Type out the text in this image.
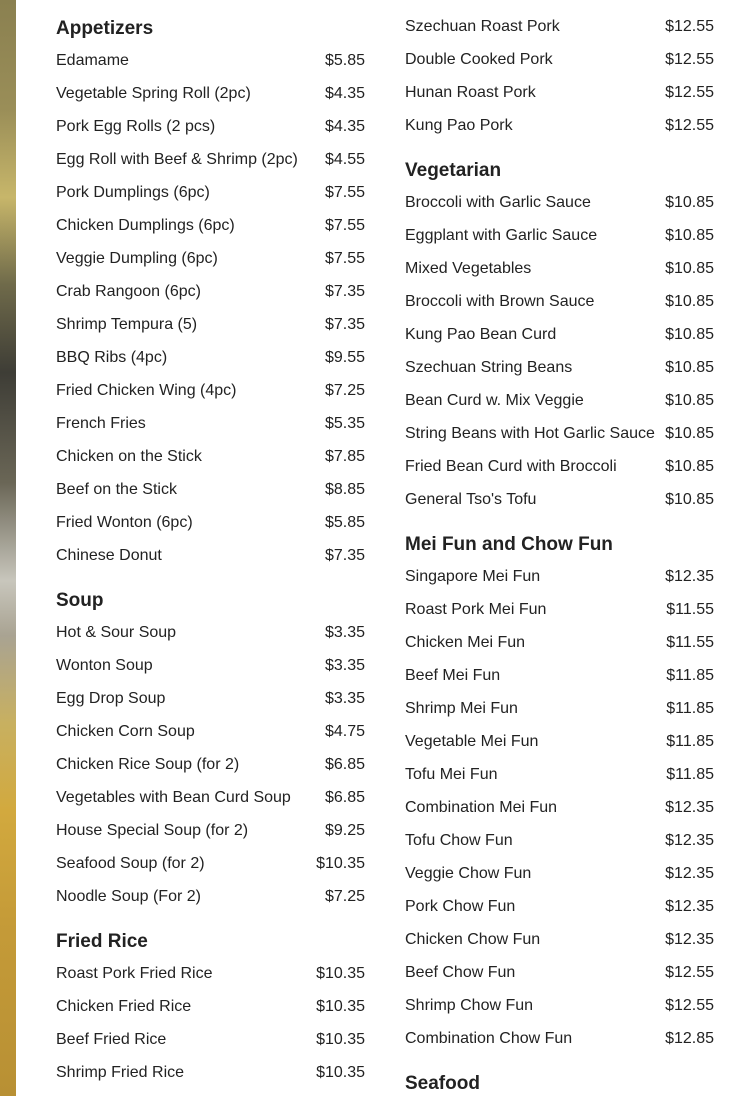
Appetizers
Edamame	$5.85
Vegetable Spring Roll (2pc)	$4.35
Pork Egg Rolls (2 pcs)	$4.35
Egg Roll with Beef & Shrimp (2pc)	$4.55
Pork Dumplings (6pc)	$7.55
Chicken Dumplings (6pc)	$7.55
Veggie Dumpling (6pc)	$7.55
Crab Rangoon (6pc)	$7.35
Shrimp Tempura (5)	$7.35
BBQ Ribs (4pc)	$9.55
Fried Chicken Wing (4pc)	$7.25
French Fries	$5.35
Chicken on the Stick	$7.85
Beef on the Stick	$8.85
Fried Wonton (6pc)	$5.85
Chinese Donut	$7.35
Soup
Hot & Sour Soup	$3.35
Wonton Soup	$3.35
Egg Drop Soup	$3.35
Chicken Corn Soup	$4.75
Chicken Rice Soup (for 2)	$6.85
Vegetables with Bean Curd Soup	$6.85
House Special Soup (for 2)	$9.25
Seafood Soup (for 2)	$10.35
Noodle Soup (For 2)	$7.25
Fried Rice
Roast Pork Fried Rice	$10.35
Chicken Fried Rice	$10.35
Beef Fried Rice	$10.35
Shrimp Fried Rice	$10.35
Szechuan Roast Pork	$12.55
Double Cooked Pork	$12.55
Hunan Roast Pork	$12.55
Kung Pao Pork	$12.55
Vegetarian
Broccoli with Garlic Sauce	$10.85
Eggplant with Garlic Sauce	$10.85
Mixed Vegetables	$10.85
Broccoli with Brown Sauce	$10.85
Kung Pao Bean Curd	$10.85
Szechuan String Beans	$10.85
Bean Curd w. Mix Veggie	$10.85
String Beans with Hot Garlic Sauce $10.85
Fried Bean Curd with Broccoli	$10.85
General Tso's Tofu	$10.85
Mei Fun and Chow Fun
Singapore Mei Fun	$12.35
Roast Pork Mei Fun	$11.55
Chicken Mei Fun	$11.55
Beef Mei Fun	$11.85
Shrimp Mei Fun	$11.85
Vegetable Mei Fun	$11.85
Tofu Mei Fun	$11.85
Combination Mei Fun	$12.35
Tofu Chow Fun	$12.35
Veggie Chow Fun	$12.35
Pork Chow Fun	$12.35
Chicken Chow Fun	$12.35
Beef Chow Fun	$12.55
Shrimp Chow Fun	$12.55
Combination Chow Fun	$12.85
Seafood
